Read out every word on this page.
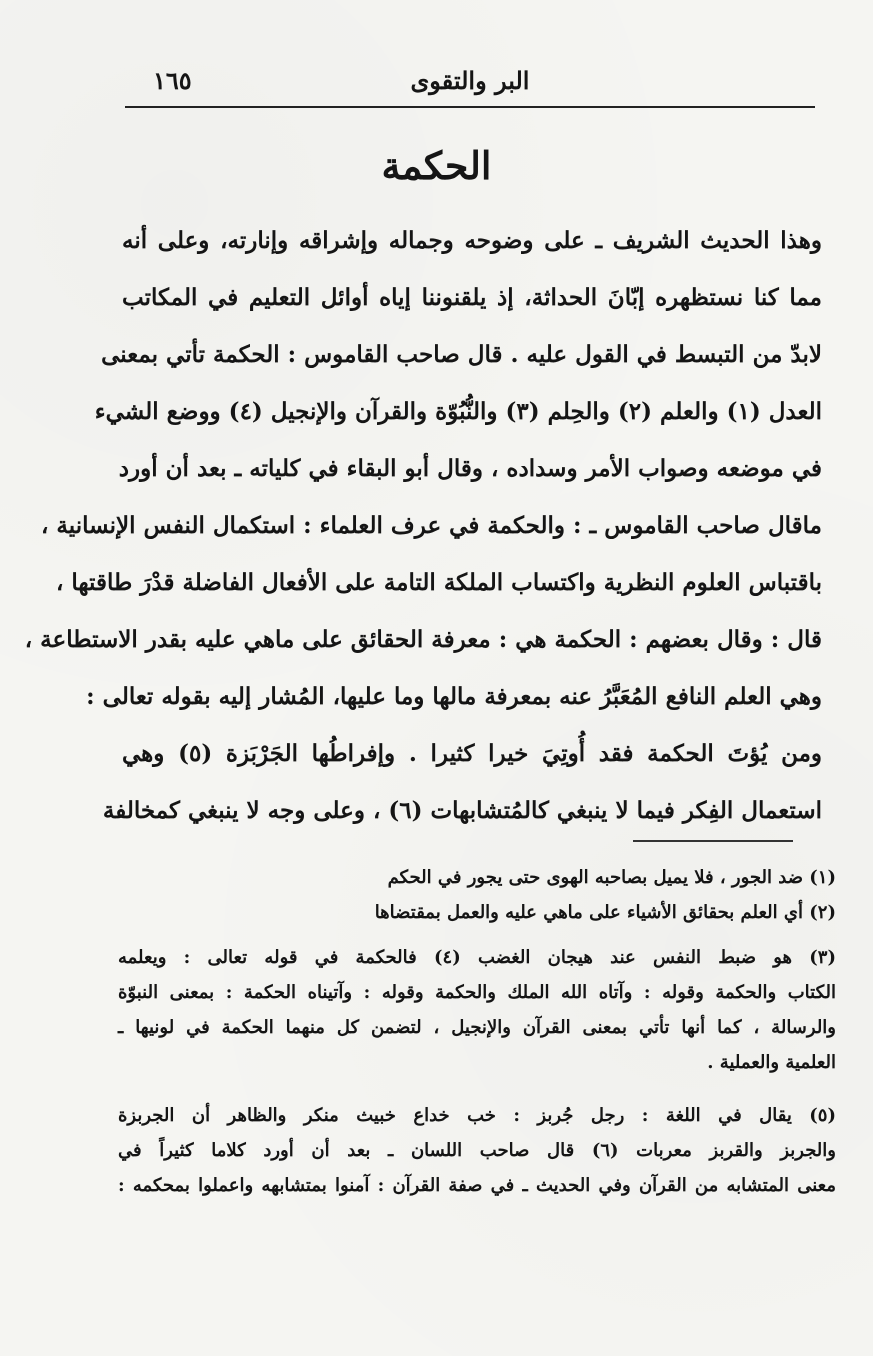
البر والتقوى
١٦٥
الحكمة
وهذا الحديث الشريف ـ على وضوحه وجماله وإشراقه وإنارته، وعلى أنه
مما كنا نستظهره إبّانَ الحداثة، إذ يلقنوننا إياه أوائل التعليم في المكاتب
لابدّ من التبسط في القول عليه . قال صاحب القاموس : الحكمة تأتي بمعنى
العدل (١) والعلم (٢) والحِلم (٣) والنُّبُوّة والقرآن والإنجيل (٤) ووضع الشيء
في موضعه وصواب الأمر وسداده ، وقال أبو البقاء في كلياته ـ بعد أن أورد
ماقال صاحب القاموس ـ : والحكمة في عرف العلماء : استكمال النفس الإنسانية ،
باقتباس العلوم النظرية واكتساب الملكة التامة على الأفعال الفاضلة قدْرَ طاقتها ،
قال : وقال بعضهم : الحكمة هي : معرفة الحقائق على ماهي عليه بقدر الاستطاعة ،
وهي العلم النافع المُعَبَّرُ عنه بمعرفة مالها وما عليها، المُشار إليه بقوله تعالى :
ومن يُؤتَ الحكمة فقد أُوتِيَ خيرا كثيرا . وإفراطُها الجَرْبَزة (٥) وهي
استعمال الفِكر فيما لا ينبغي كالمُتشابهات (٦) ، وعلى وجه لا ينبغي كمخالفة
(١) ضد الجور ، فلا يميل بصاحبه الهوى حتى يجور في الحكم
(٢) أي العلم بحقائق الأشياء على ماهي عليه والعمل بمقتضاها
(٣) هو ضبط النفس عند هيجان الغضب (٤) فالحكمة في قوله تعالى : ويعلمه
الكتاب والحكمة وقوله : وآتاه الله الملك والحكمة وقوله : وآتيناه الحكمة : بمعنى النبوّة
والرسالة ، كما أنها تأتي بمعنى القرآن والإنجيل ، لتضمن كل منهما الحكمة في لونيها ـ
العلمية والعملية .
(٥) يقال في اللغة : رجل جُربز : خب خداع خبيث منكر والظاهر أن الجربزة
والجربز والقربز معربات (٦) قال صاحب اللسان ـ بعد أن أورد كلاما كثيراً في
معنى المتشابه من القرآن وفي الحديث ـ في صفة القرآن : آمنوا بمتشابهه واعملوا بمحكمه :
